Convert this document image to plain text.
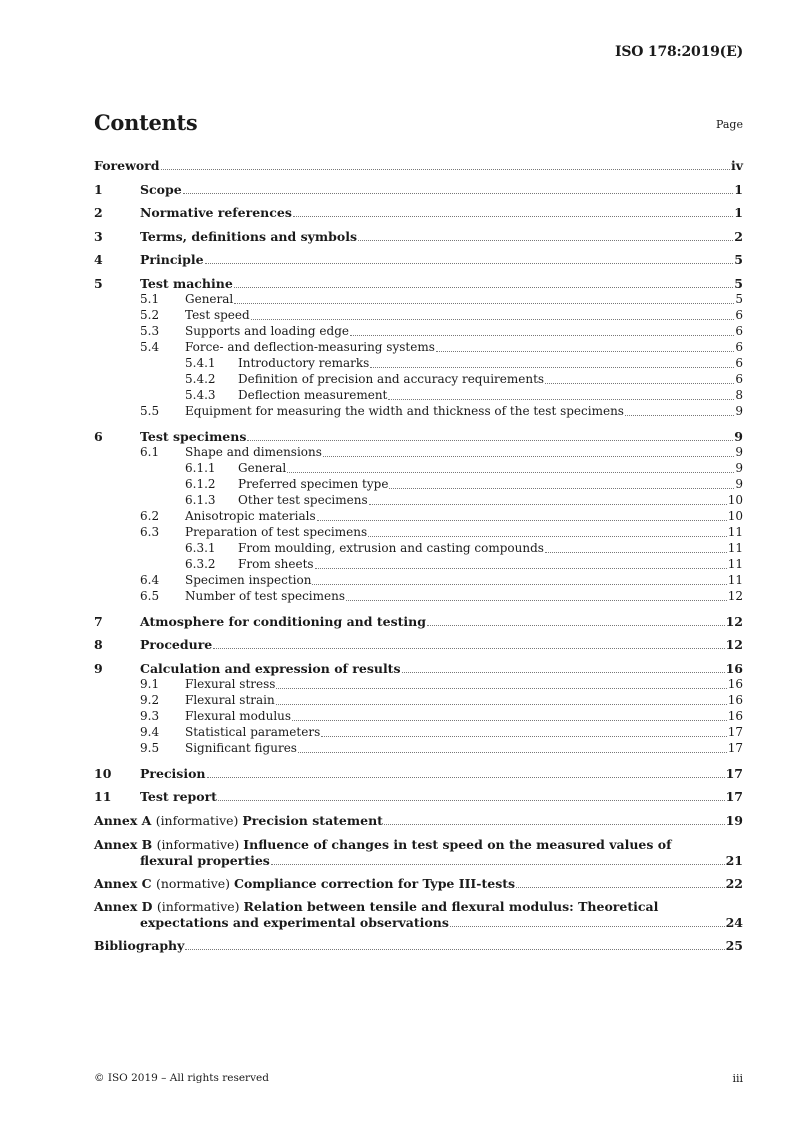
ISO 178:2019(E)
Contents	Page
Foreword	iv
1	Scope	1
2	Normative references	1
3	Terms, definitions and symbols	2
4	Principle	5
5	Test machine	5
5.1 General	5
5.2 Test speed	6
5.3 Supports and loading edge	6
5.4 Force- and deflection-measuring systems	6
5.4.1 Introductory remarks	6
5.4.2 Definition of precision and accuracy requirements	6
5.4.3 Deflection measurement	8
5.5 Equipment for measuring the width and thickness of the test specimens	9
6	Test specimens	9
6.1 Shape and dimensions	9
6.1.1 General	9
6.1.2 Preferred specimen type	9
6.1.3 Other test specimens	10
6.2 Anisotropic materials	10
6.3 Preparation of test specimens	11
6.3.1 From moulding, extrusion and casting compounds	11
6.3.2 From sheets	11
6.4 Specimen inspection	11
6.5 Number of test specimens	12
7	Atmosphere for conditioning and testing	12
8	Procedure	12
9	Calculation and expression of results	16
9.1 Flexural stress	16
9.2 Flexural strain	16
9.3 Flexural modulus	16
9.4 Statistical parameters	17
9.5 Significant figures	17
10 Precision	17
11 Test report	17
Annex A (informative) Precision statement	19
Annex B (informative) Influence of changes in test speed on the measured values of
flexural properties	21
Annex C (normative) Compliance correction for Type III-tests	22
Annex D (informative) Relation between tensile and flexural modulus: Theoretical
expectations and experimental observations	24
Bibliography	25
© ISO 2019 – All rights reserved	iii
